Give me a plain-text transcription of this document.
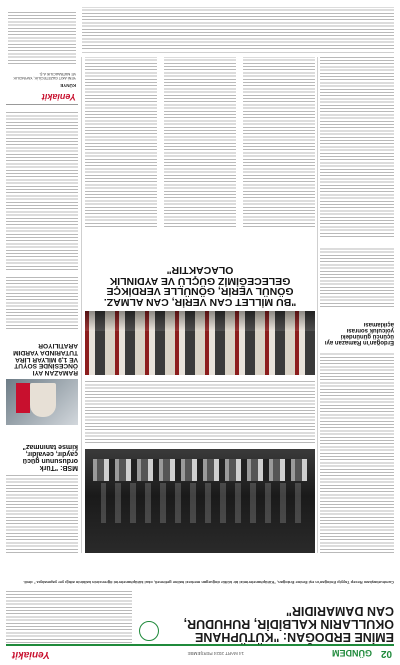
02
GÜNDEM
14 MART 2024 PERŞEMBE
Yeniakit
EMİNE ERDOĞAN: "KÜTÜPHANE OKULLARIN KALBİDİR, RUHUDUR, CAN DAMARIDIR"
Cumhurbaşkanı Recep Tayyip Erdoğan'ın eşi Emine Erdoğan, "Kütüphanelerimizi bir kültür doğurgan merkezi haline getirmeli, okul kütüphanelerini öğrencinin kalbinin attığı yer yapmalıyız." dedi.
MSB: "Türk ordusunun gücü çaydır, cevaldır, kimse tanınmaz"
RAMAZAN AYI ÖNCESİNDE SOYUT VE 1,9 MİLYAR LİRA TUTARINDA YARDIM ARATILIYOR
"BU MİLLET CAN VERİR, CAN ALMAZ. GÖNÜL VERİR, GÖNÜLLE VERDİKÇE GELECEĞİMİZ GÜÇLÜ VE AYDINLIK OLACAKTIR"
Erdoğan'ın Ramazan ayı üçüncü günündeki yolculuk sonrası açıklaması
Yeniakit
KÜNYE
YENİ AKIT GAZETECİLİK, YAYINCILIK VE MATBAACILIK A.Ş.
